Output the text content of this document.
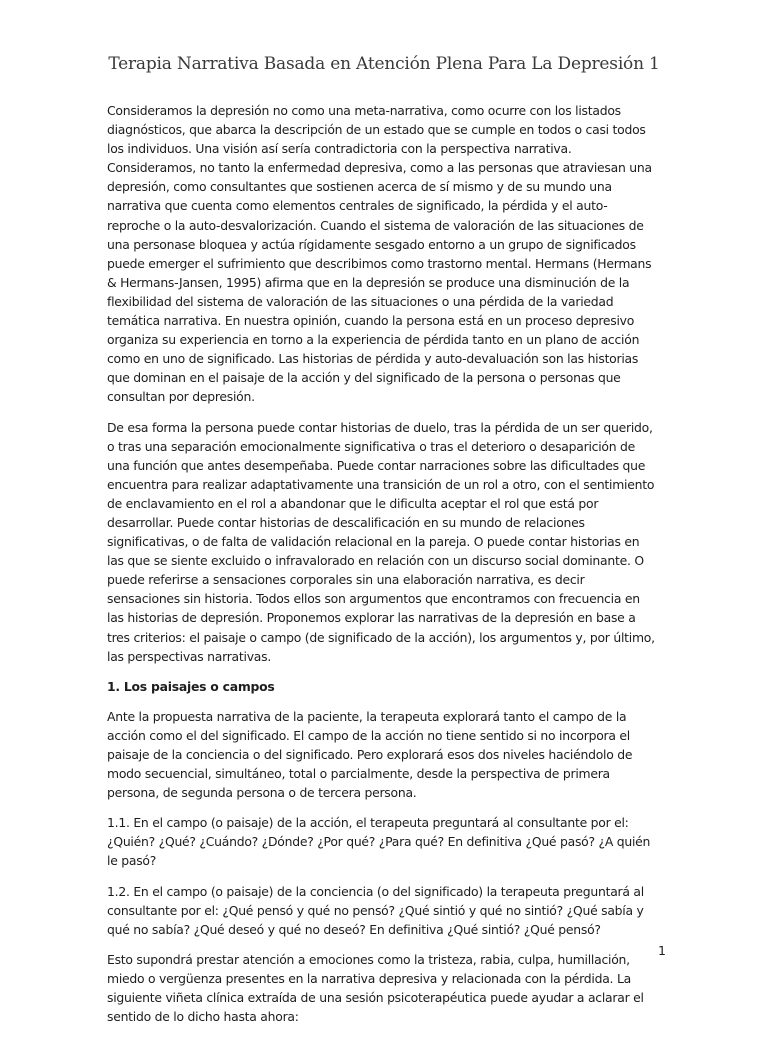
Terapia Narrativa Basada en Atención Plena Para La Depresión 1

Consideramos la depresión no como una meta-narrativa, como ocurre con los listados diagnósticos, que abarca la descripción de un estado que se cumple en todos o casi todos los individuos. Una visión así sería contradictoria con la perspectiva narrativa. Consideramos, no tanto la enfermedad depresiva, como a las personas que atraviesan una depresión, como consultantes que sostienen acerca de sí mismo y de su mundo una narrativa que cuenta como elementos centrales de significado, la pérdida y el auto-reproche o la auto-desvalorización. Cuando el sistema de valoración de las situaciones de una personase bloquea y actúa rígidamente sesgado entorno a un grupo de significados puede emerger el sufrimiento que describimos como trastorno mental. Hermans (Hermans & Hermans-Jansen, 1995) afirma que en la depresión se produce una disminución de la flexibilidad del sistema de valoración de las situaciones o una pérdida de la variedad temática narrativa. En nuestra opinión, cuando la persona está en un proceso depresivo organiza su experiencia en torno a la experiencia de pérdida tanto en un plano de acción como en uno de significado. Las historias de pérdida y auto-devaluación son las historias que dominan en el paisaje de la acción y del significado de la persona o personas que consultan por depresión.

De esa forma la persona puede contar historias de duelo, tras la pérdida de un ser querido, o tras una separación emocionalmente significativa o tras el deterioro o desaparición de una función que antes desempeñaba. Puede contar narraciones sobre las dificultades que encuentra para realizar adaptativamente una transición de un rol a otro, con el sentimiento de enclavamiento en el rol a abandonar que le dificulta aceptar el rol que está por desarrollar. Puede contar historias de descalificación en su mundo de relaciones significativas, o de falta de validación relacional en la pareja. O puede contar historias en las que se siente excluido o infravalorado en relación con un discurso social dominante. O puede referirse a sensaciones corporales sin una elaboración narrativa, es decir sensaciones sin historia. Todos ellos son argumentos que encontramos con frecuencia en las historias de depresión. Proponemos explorar las narrativas de la depresión en base a tres criterios: el paisaje o campo (de significado de la acción), los argumentos y, por último, las perspectivas narrativas.

1. Los paisajes o campos

Ante la propuesta narrativa de la paciente, la terapeuta explorará tanto el campo de la acción como el del significado. El campo de la acción no tiene sentido si no incorpora el paisaje de la conciencia o del significado. Pero explorará esos dos niveles haciéndolo de modo secuencial, simultáneo, total o parcialmente, desde la perspectiva de primera persona, de segunda persona o de tercera persona.

1.1. En el campo (o paisaje) de la acción, el terapeuta preguntará al consultante por el: ¿Quién? ¿Qué? ¿Cuándo? ¿Dónde? ¿Por qué? ¿Para qué? En definitiva ¿Qué pasó? ¿A quién le pasó?

1.2. En el campo (o paisaje) de la conciencia (o del significado) la terapeuta preguntará al consultante por el: ¿Qué pensó y qué no pensó? ¿Qué sintió y qué no sintió? ¿Qué sabía y qué no sabía? ¿Qué deseó y qué no deseó? En definitiva ¿Qué sintió? ¿Qué pensó?

Esto supondrá prestar atención a emociones como la tristeza, rabia, culpa, humillación, miedo o vergüenza presentes en la narrativa depresiva y relacionada con la pérdida. La siguiente viñeta clínica extraída de una sesión psicoterapéutica puede ayudar a aclarar el sentido de lo dicho hasta ahora:

1
